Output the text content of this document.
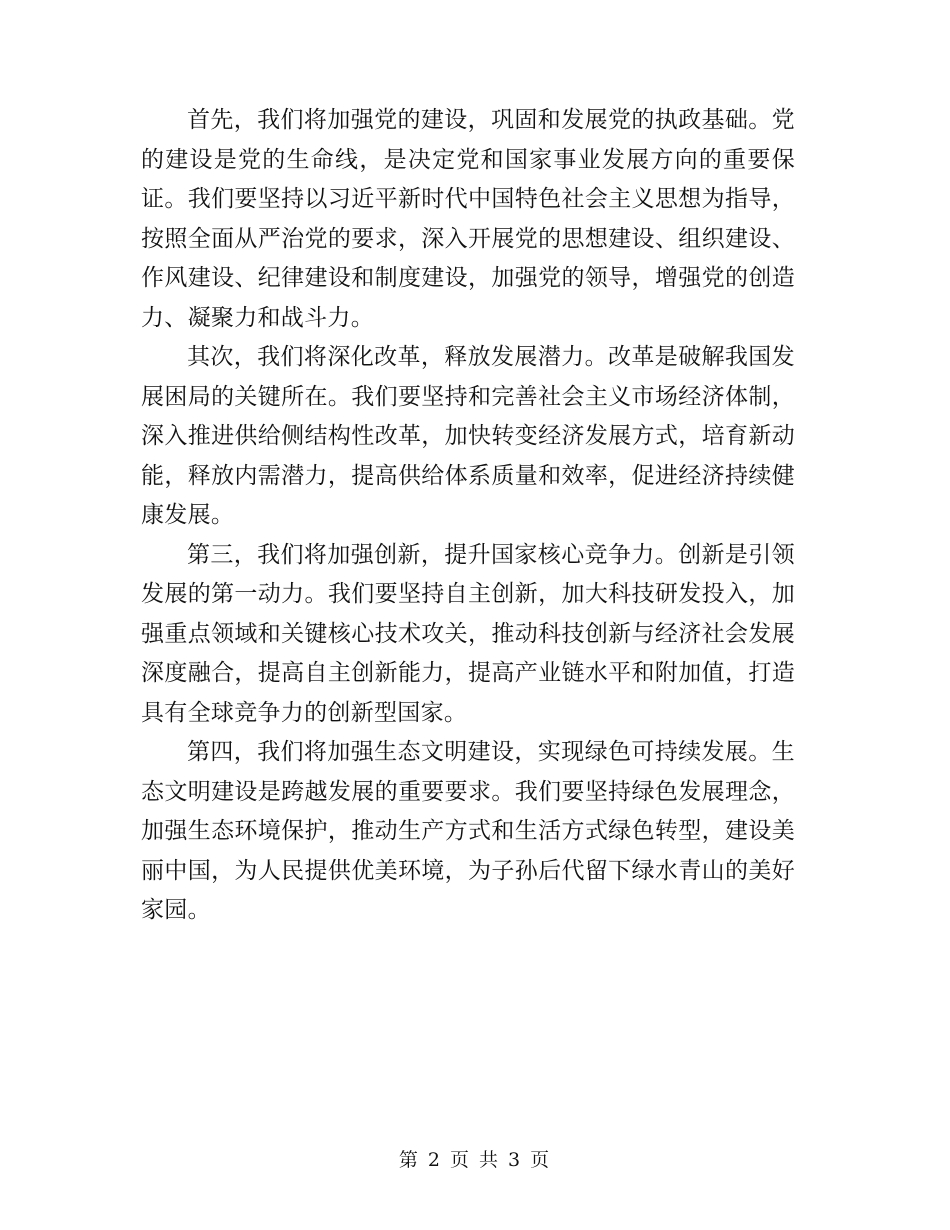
首先，我们将加强党的建设，巩固和发展党的执政基础。党的建设是党的生命线，是决定党和国家事业发展方向的重要保证。我们要坚持以习近平新时代中国特色社会主义思想为指导，按照全面从严治党的要求，深入开展党的思想建设、组织建设、作风建设、纪律建设和制度建设，加强党的领导，增强党的创造力、凝聚力和战斗力。

其次，我们将深化改革，释放发展潜力。改革是破解我国发展困局的关键所在。我们要坚持和完善社会主义市场经济体制，深入推进供给侧结构性改革，加快转变经济发展方式，培育新动能，释放内需潜力，提高供给体系质量和效率，促进经济持续健康发展。

第三，我们将加强创新，提升国家核心竞争力。创新是引领发展的第一动力。我们要坚持自主创新，加大科技研发投入，加强重点领域和关键核心技术攻关，推动科技创新与经济社会发展深度融合，提高自主创新能力，提高产业链水平和附加值，打造具有全球竞争力的创新型国家。

第四，我们将加强生态文明建设，实现绿色可持续发展。生态文明建设是跨越发展的重要要求。我们要坚持绿色发展理念，加强生态环境保护，推动生产方式和生活方式绿色转型，建设美丽中国，为人民提供优美环境，为子孙后代留下绿水青山的美好家园。

第 2 页 共 3 页
